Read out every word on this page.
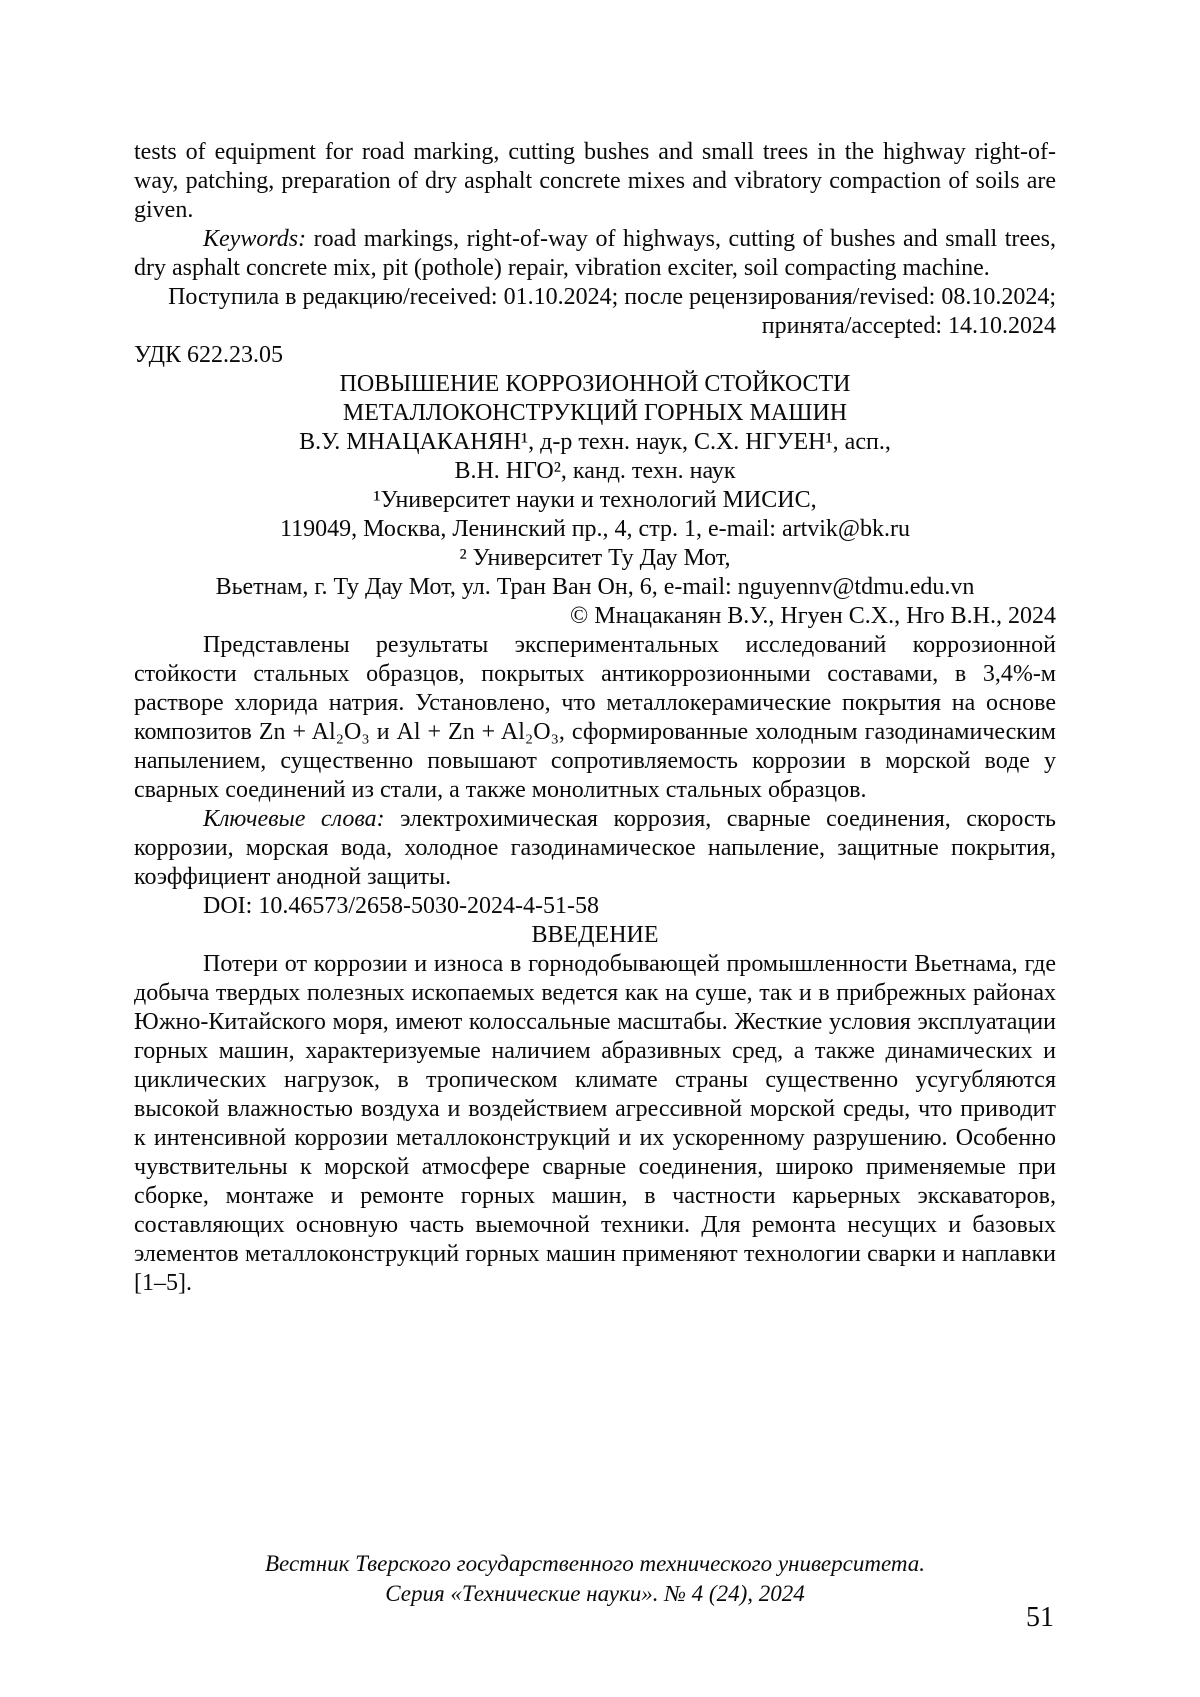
tests of equipment for road marking, cutting bushes and small trees in the highway right-of-way, patching, preparation of dry asphalt concrete mixes and vibratory compaction of soils are given.

Keywords: road markings, right-of-way of highways, cutting of bushes and small trees, dry asphalt concrete mix, pit (pothole) repair, vibration exciter, soil compacting machine.

Поступила в редакцию/received: 01.10.2024; после рецензирования/revised: 08.10.2024;
принята/accepted: 14.10.2024

УДК 622.23.05

ПОВЫШЕНИЕ КОРРОЗИОННОЙ СТОЙКОСТИ
МЕТАЛЛОКОНСТРУКЦИЙ ГОРНЫХ МАШИН

В.У. МНАЦАКАНЯН¹, д-р техн. наук, С.Х. НГУЕН¹, асп.,
В.Н. НГО², канд. техн. наук

¹Университет науки и технологий МИСИС,
119049, Москва, Ленинский пр., 4, стр. 1, e-mail: artvik@bk.ru
² Университет Ту Дау Мот,
Вьетнам, г. Ту Дау Мот, ул. Тран Ван Он, 6, e-mail: nguyennv@tdmu.edu.vn

© Мнацаканян В.У., Нгуен С.Х., Нго В.Н., 2024

Представлены результаты экспериментальных исследований коррозионной стойкости стальных образцов, покрытых антикоррозионными составами, в 3,4%-м растворе хлорида натрия. Установлено, что металлокерамические покрытия на основе композитов Zn + Al₂O₃ и Al + Zn + Al₂O₃, сформированные холодным газодинамическим напылением, существенно повышают сопротивляемость коррозии в морской воде у сварных соединений из стали, а также монолитных стальных образцов.

Ключевые слова: электрохимическая коррозия, сварные соединения, скорость коррозии, морская вода, холодное газодинамическое напыление, защитные покрытия, коэффициент анодной защиты.

DOI: 10.46573/2658-5030-2024-4-51-58

ВВЕДЕНИЕ

Потери от коррозии и износа в горнодобывающей промышленности Вьетнама, где добыча твердых полезных ископаемых ведется как на суше, так и в прибрежных районах Южно-Китайского моря, имеют колоссальные масштабы. Жесткие условия эксплуатации горных машин, характеризуемые наличием абразивных сред, а также динамических и циклических нагрузок, в тропическом климате страны существенно усугубляются высокой влажностью воздуха и воздействием агрессивной морской среды, что приводит к интенсивной коррозии металлоконструкций и их ускоренному разрушению. Особенно чувствительны к морской атмосфере сварные соединения, широко применяемые при сборке, монтаже и ремонте горных машин, в частности карьерных экскаваторов, составляющих основную часть выемочной техники. Для ремонта несущих и базовых элементов металлоконструкций горных машин применяют технологии сварки и наплавки [1–5].

Вестник Тверского государственного технического университета.
Серия «Технические науки». № 4 (24), 2024

51
